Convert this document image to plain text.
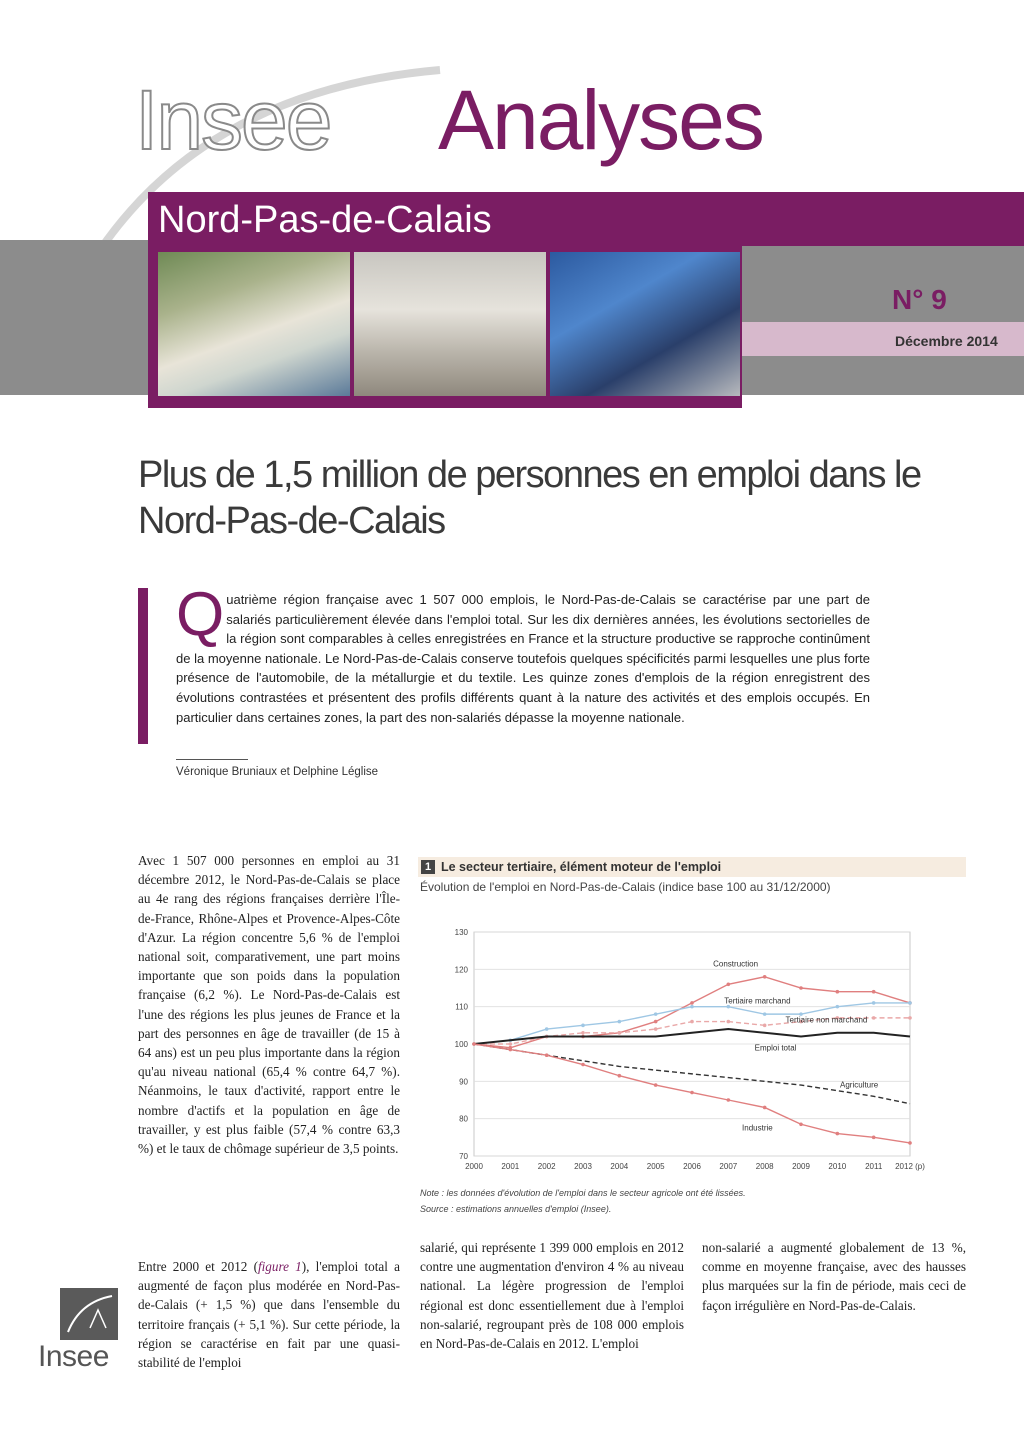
Insee Analyses
Nord-Pas-de-Calais
N° 9
Décembre 2014
Plus de 1,5 million de personnes en emploi dans le Nord-Pas-de-Calais
Quatrième région française avec 1 507 000 emplois, le Nord-Pas-de-Calais se caractérise par une part de salariés particulièrement élevée dans l'emploi total. Sur les dix dernières années, les évolutions sectorielles de la région sont comparables à celles enregistrées en France et la structure productive se rapproche continûment de la moyenne nationale. Le Nord-Pas-de-Calais conserve toutefois quelques spécificités parmi lesquelles une plus forte présence de l'automobile, de la métallurgie et du textile. Les quinze zones d'emplois de la région enregistrent des évolutions contrastées et présentent des profils différents quant à la nature des activités et des emplois occupés. En particulier dans certaines zones, la part des non-salariés dépasse la moyenne nationale.
Véronique Bruniaux et Delphine Léglise
Avec 1 507 000 personnes en emploi au 31 décembre 2012, le Nord-Pas-de-Calais se place au 4e rang des régions françaises derrière l'Île-de-France, Rhône-Alpes et Provence-Alpes-Côte d'Azur. La région concentre 5,6 % de l'emploi national soit, comparativement, une part moins importante que son poids dans la population française (6,2 %). Le Nord-Pas-de-Calais est l'une des régions les plus jeunes de France et la part des personnes en âge de travailler (de 15 à 64 ans) est un peu plus importante dans la région qu'au niveau national (65,4 % contre 64,7 %). Néanmoins, le taux d'activité, rapport entre le nombre d'actifs et la population en âge de travailler, y est plus faible (57,4 % contre 63,3 %) et le taux de chômage supérieur de 3,5 points.
Entre 2000 et 2012 (figure 1), l'emploi total a augmenté de façon plus modérée en Nord-Pas-de-Calais (+ 1,5 %) que dans l'ensemble du territoire français (+ 5,1 %). Sur cette période, la région se caractérise en fait par une quasi-stabilité de l'emploi
salarié, qui représente 1 399 000 emplois en 2012 contre une augmentation d'environ 4 % au niveau national. La légère progression de l'emploi régional est donc essentiellement due à l'emploi non-salarié, regroupant près de 108 000 emplois en Nord-Pas-de-Calais en 2012. L'emploi
non-salarié a augmenté globalement de 13 %, comme en moyenne française, avec des hausses plus marquées sur la fin de période, mais ceci de façon irrégulière en Nord-Pas-de-Calais.
1 Le secteur tertiaire, élément moteur de l'emploi
Évolution de l'emploi en Nord-Pas-de-Calais (indice base 100 au 31/12/2000)
70
80
90
100
110
120
130
2000 2001 2002 2003 2004 2005 2006 2007 2008 2009 2010 2011 2012 (p)
Construction
Tertiaire marchand
Tertiaire non marchand
Emploi total
Agriculture
Industrie
Note : les données d'évolution de l'emploi dans le secteur agricole ont été lissées.
Source : estimations annuelles d'emploi (Insee).
Insee
